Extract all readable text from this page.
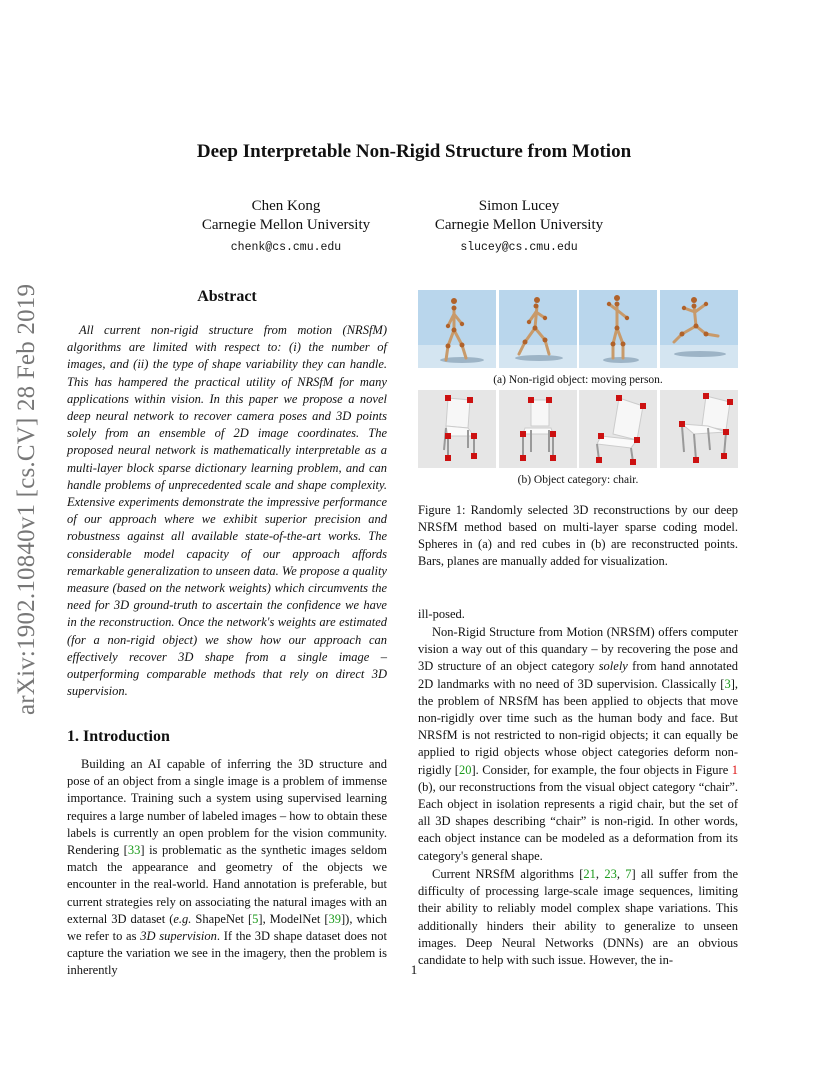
arXiv:1902.10840v1 [cs.CV] 28 Feb 2019
Deep Interpretable Non-Rigid Structure from Motion
Chen Kong
Carnegie Mellon University
chenk@cs.cmu.edu
Simon Lucey
Carnegie Mellon University
slucey@cs.cmu.edu
Abstract

All current non-rigid structure from motion (NRSfM) algorithms are limited with respect to: (i) the number of images, and (ii) the type of shape variability they can handle. This has hampered the practical utility of NRSfM for many applications within vision. In this paper we propose a novel deep neural network to recover camera poses and 3D points solely from an ensemble of 2D image coordinates. The proposed neural network is mathematically interpretable as a multi-layer block sparse dictionary learning problem, and can handle problems of unprecedented scale and shape complexity. Extensive experiments demonstrate the impressive performance of our approach where we exhibit superior precision and robustness against all available state-of-the-art works. The considerable model capacity of our approach affords remarkable generalization to unseen data. We propose a quality measure (based on the network weights) which circumvents the need for 3D ground-truth to ascertain the confidence we have in the reconstruction. Once the network's weights are estimated (for a non-rigid object) we show how our approach can effectively recover 3D shape from a single image – outperforming comparable methods that rely on direct 3D supervision.

1. Introduction

Building an AI capable of inferring the 3D structure and pose of an object from a single image is a problem of immense importance. Training such a system using supervised learning requires a large number of labeled images – how to obtain these labels is currently an open problem for the vision community. Rendering [33] is problematic as the synthetic images seldom match the appearance and geometry of the objects we encounter in the real-world. Hand annotation is preferable, but current strategies rely on associating the natural images with an external 3D dataset (e.g. ShapeNet [5], ModelNet [39]), which we refer to as 3D supervision. If the 3D shape dataset does not capture the variation we see in the imagery, then the problem is inherently

(a) Non-rigid object: moving person.
(b) Object category: chair.

Figure 1: Randomly selected 3D reconstructions by our deep NRSfM method based on multi-layer sparse coding model. Spheres in (a) and red cubes in (b) are reconstructed points. Bars, planes are manually added for visualization.

ill-posed.

Non-Rigid Structure from Motion (NRSfM) offers computer vision a way out of this quandary – by recovering the pose and 3D structure of an object category solely from hand annotated 2D landmarks with no need of 3D supervision. Classically [3], the problem of NRSfM has been applied to objects that move non-rigidly over time such as the human body and face. But NRSfM is not restricted to non-rigid objects; it can equally be applied to rigid objects whose object categories deform non-rigidly [20]. Consider, for example, the four objects in Figure 1 (b), our reconstructions from the visual object category “chair”. Each object in isolation represents a rigid chair, but the set of all 3D shapes describing “chair” is non-rigid. In other words, each object instance can be modeled as a deformation from its category's general shape.

Current NRSfM algorithms [21, 23, 7] all suffer from the difficulty of processing large-scale image sequences, limiting their ability to reliably model complex shape variations. This additionally hinders their ability to generalize to unseen images. Deep Neural Networks (DNNs) are an obvious candidate to help with such issue. However, the in-

1
